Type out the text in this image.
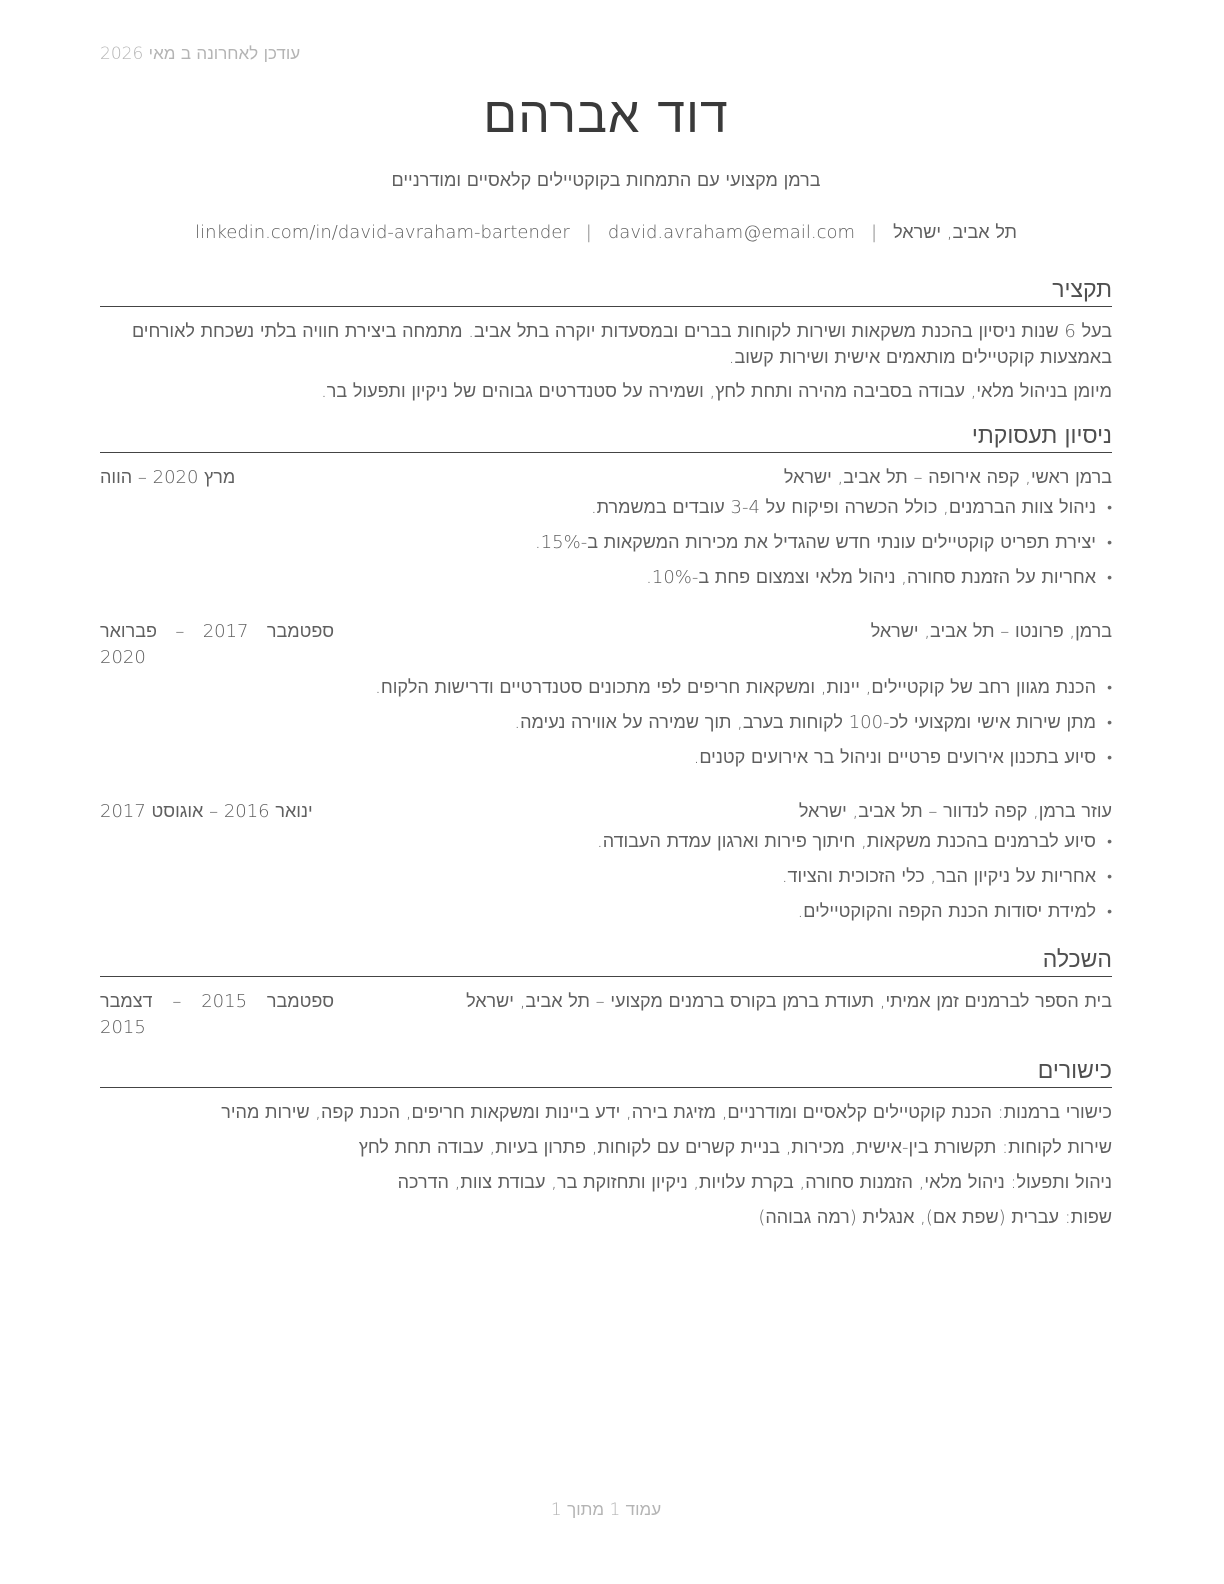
עודכן לאחרונה ב מאי 2026
דוד אברהם
ברמן מקצועי עם התמחות בקוקטיילים קלאסיים ומודרניים
תל אביב, ישראל|david.avraham@email.com|linkedin.com/in/david-avraham-bartender
תקציר
בעל 6 שנות ניסיון בהכנת משקאות ושירות לקוחות בברים ובמסעדות יוקרה בתל אביב. מתמחה ביצירת חוויה בלתי נשכחת לאורחים באמצעות קוקטיילים מותאמים אישית ושירות קשוב.
מיומן בניהול מלאי, עבודה בסביבה מהירה ותחת לחץ, ושמירה על סטנדרטים גבוהים של ניקיון ותפעול בר.
ניסיון תעסוקתי
ברמן ראשי, קפה אירופה – תל אביב, ישראל
מרץ 2020 – הווה
• ניהול צוות הברמנים, כולל הכשרה ופיקוח על 3-4 עובדים במשמרת.
• יצירת תפריט קוקטיילים עונתי חדש שהגדיל את מכירות המשקאות ב-15%.
• אחריות על הזמנת סחורה, ניהול מלאי וצמצום פחת ב-10%.
ברמן, פרונטו – תל אביב, ישראל
ספטמבר 2017 – פברואר 2020
• הכנת מגוון רחב של קוקטיילים, יינות, ומשקאות חריפים לפי מתכונים סטנדרטיים ודרישות הלקוח.
• מתן שירות אישי ומקצועי לכ-100 לקוחות בערב, תוך שמירה על אווירה נעימה.
• סיוע בתכנון אירועים פרטיים וניהול בר אירועים קטנים.
עוזר ברמן, קפה לנדוור – תל אביב, ישראל
ינואר 2016 – אוגוסט 2017
• סיוע לברמנים בהכנת משקאות, חיתוך פירות וארגון עמדת העבודה.
• אחריות על ניקיון הבר, כלי הזכוכית והציוד.
• למידת יסודות הכנת הקפה והקוקטיילים.
השכלה
בית הספר לברמנים זמן אמיתי, תעודת ברמן בקורס ברמנים מקצועי – תל אביב, ישראל
ספטמבר 2015 – דצמבר 2015
כישורים
כישורי ברמנות: הכנת קוקטיילים קלאסיים ומודרניים, מזיגת בירה, ידע ביינות ומשקאות חריפים, הכנת קפה, שירות מהיר
שירות לקוחות: תקשורת בין-אישית, מכירות, בניית קשרים עם לקוחות, פתרון בעיות, עבודה תחת לחץ
ניהול ותפעול: ניהול מלאי, הזמנות סחורה, בקרת עלויות, ניקיון ותחזוקת בר, עבודת צוות, הדרכה
שפות: עברית (שפת אם), אנגלית (רמה גבוהה)
עמוד 1 מתוך 1
